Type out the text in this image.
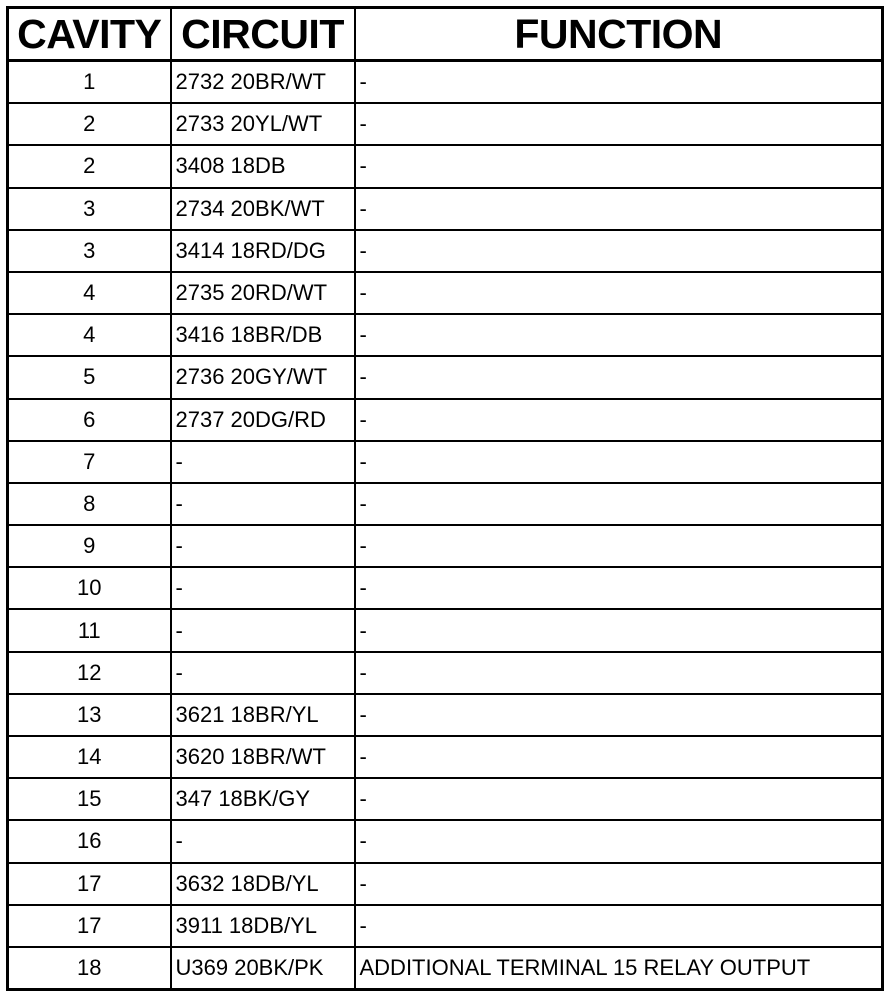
CAVITY	CIRCUIT	FUNCTION
1	2732 20BR/WT	-
2	2733 20YL/WT	-
2	3408 18DB	-
3	2734 20BK/WT	-
3	3414 18RD/DG	-
4	2735 20RD/WT	-
4	3416 18BR/DB	-
5	2736 20GY/WT	-
6	2737 20DG/RD	-
7	-	-
8	-	-
9	-	-
10	-	-
11	-	-
12	-	-
13	3621 18BR/YL	-
14	3620 18BR/WT	-
15	347 18BK/GY	-
16	-	-
17	3632 18DB/YL	-
17	3911 18DB/YL	-
18	U369 20BK/PK	ADDITIONAL TERMINAL 15 RELAY OUTPUT
